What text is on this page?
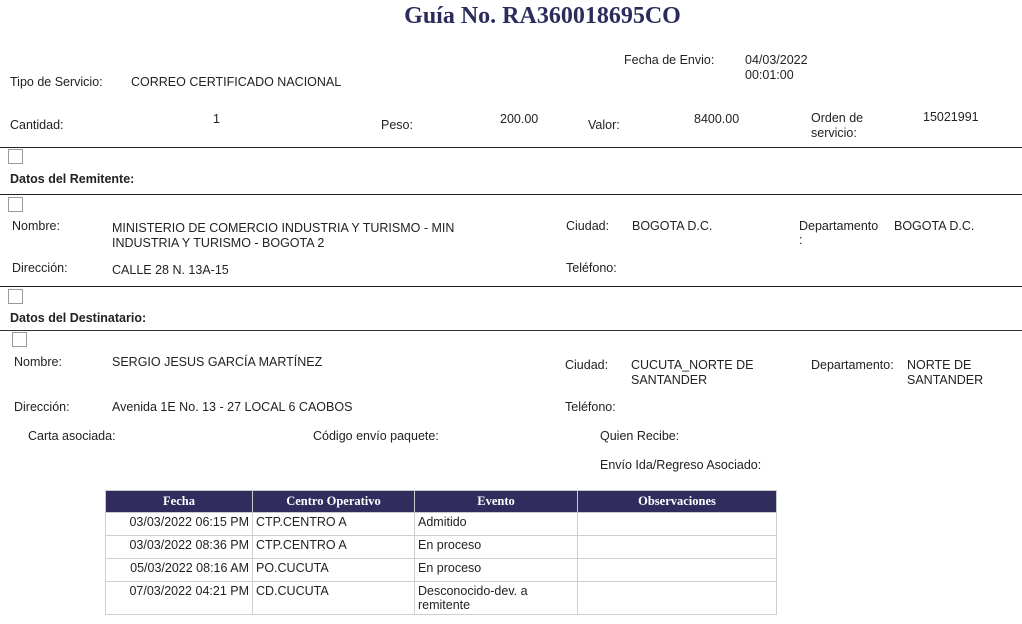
Guía No. RA360018695CO
Fecha de Envio: 04/03/2022
00:01:00
Tipo de Servicio: CORREO CERTIFICADO NACIONAL
Cantidad:	1	Peso:	200.00	Valor:	8400.00	Orden de
servicio:
15021991
Datos del Remitente:
Nombre:	MINISTERIO DE COMERCIO INDUSTRIA Y TURISMO - MIN
INDUSTRIA Y TURISMO - BOGOTA 2
Ciudad: BOGOTA D.C.	Departamento
:
BOGOTA D.C.
Dirección:	CALLE 28 N. 13A-15	Teléfono:
Datos del Destinatario:
Nombre:	SERGIO JESUS GARCÍA MARTÍNEZ	Ciudad: CUCUTA_NORTE DE
SANTANDER
Departamento: NORTE DE
SANTANDER
Dirección:	Avenida 1E No. 13 - 27 LOCAL 6 CAOBOS	Teléfono:
Carta asociada:	Código envío paquete:	Quien Recibe:
Envío Ida/Regreso Asociado:
Fecha	Centro Operativo	Evento	Observaciones
03/03/2022 06:15 PM	CTP.CENTRO A	Admitido	
03/03/2022 08:36 PM	CTP.CENTRO A	En proceso	
05/03/2022 08:16 AM	PO.CUCUTA	En proceso	
07/03/2022 04:21 PM	CD.CUCUTA	Desconocido-dev. a remitente	
